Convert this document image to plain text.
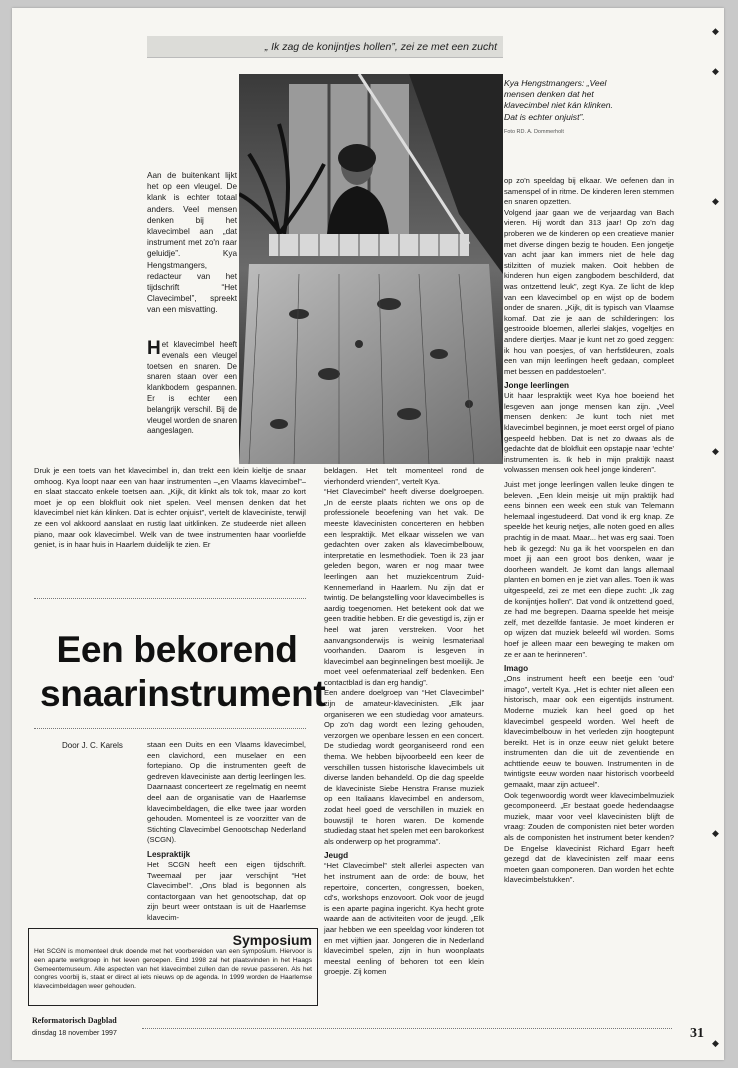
„ Ik zag de konijntjes hollen”, zei ze met een zucht
Kya Hengstmangers: „Veel mensen denken dat het klavecimbel niet kán klinken. Dat is echter onjuist”.
Foto RD. A. Dommerholt
Aan de buitenkant lijkt het op een vleugel. De klank is echter totaal anders. Veel mensen denken bij het klavecimbel aan „dat instrument met zo'n raar geluidje”. Kya Hengstmangers, redacteur van het tijdschrift “Het Clavecimbel”, spreekt van een misvatting.

Het klavecimbel heeft evenals een vleugel toetsen en snaren. De snaren staan over een klankbodem gespannen. Er is echter een belangrijk verschil. Bij de vleugel worden de snaren aangeslagen.

Druk je een toets van het klavecimbel in, dan trekt een klein kieltje de snaar omhoog. Kya loopt naar een van haar instrumenten –„en Vlaams klavecimbel”– en slaat staccato enkele toetsen aan. „Kijk, dit klinkt als tok tok, maar zo kort moet je op een blokfluit ook niet spelen. Veel mensen denken dat het klavecimbel niet kán klinken. Dat is echter onjuist”, vertelt de klaveciniste, terwijl ze een vol akkoord aanslaat en rustig laat uitklinken. Ze studeerde niet alleen piano, maar ook klavecimbel. Welk van de twee instrumenten haar voorliefde geniet, is in haar huis in Haarlem duidelijk te zien. Er

Een bekorend snaarinstrument
Door J. C. Karels	staan een Duits en een Vlaams klavecimbel, een clavichord, een muselaer en een fortepiano. Op die instrumenten geeft de gedreven klaveciniste aan dertig leerlingen les. Daarnaast concerteert ze regelmatig en neemt deel aan de organisatie van de Haarlemse klavecimbeldagen, die elke twee jaar worden gehouden. Momenteel is ze voorzitter van de Stichting Clavecimbel Genootschap Nederland (SCGN).

Lespraktijk

Het SCGN heeft een eigen tijdschrift. Tweemaal per jaar verschijnt “Het Clavecimbel”. „Ons blad is begonnen als contactorgaan van het genootschap, dat op zijn beurt weer ontstaan is uit de Haarlemse klavecim-

beldagen. Het telt momenteel rond de vierhonderd vrienden”, vertelt Kya.

“Het Clavecimbel” heeft diverse doelgroepen. „In de eerste plaats richten we ons op de professionele beoefening van het vak. De meeste klavecinisten concerteren en hebben een lespraktijk. Met elkaar wisselen we van gedachten over zaken als klavecimbelbouw, interpretatie en lesmethodiek. Toen ik 23 jaar geleden begon, waren er nog maar twee leerlingen aan het muziekcentrum Zuid-Kennemerland in Haarlem. Nu zijn dat er twintig. De belangstelling voor klavecimbelles is aardig toegenomen. Het betekent ook dat we geen traditie hebben. Er die gevestigd is, zijn er heel wat jaren verstreken. Voor het aanvangsonderwijs is weinig lesmateriaal voorhanden. Daarom is lesgeven in klavecimbel aan beginnelingen best moeilijk. Je moet veel oefenmateriaal zelf bedenken. Een contactblad is dan erg handig”.

Een andere doelgroep van “Het Clavecimbel” zijn de amateur-klavecinisten. „Elk jaar organiseren we een studiedag voor amateurs. Op zo'n dag wordt een lezing gehouden, verzorgen we openbare lessen en een concert. De studiedag wordt georganiseerd rond een thema. We hebben bijvoorbeeld een keer de verschillen tussen historische klavecimbels uit diverse landen behandeld. Op die dag speelde de klaveciniste Siebe Henstra Franse muziek op een Italiaans klavecimbel en andersom, zodat heel goed de verschillen in muziek en bouwstijl te horen waren. De komende studiedag staat het spelen met een barokorkest als onderwerp op het programma”.

Jeugd

“Het Clavecimbel” stelt allerlei aspecten van het instrument aan de orde: de bouw, het repertoire, concerten, congressen, boeken, cd's, workshops enzovoort. Ook voor de jeugd is een aparte pagina ingericht. Kya hecht grote waarde aan de activiteiten voor de jeugd. „Elk jaar hebben we een speeldag voor kinderen tot en met vijftien jaar. Jongeren die in Nederland klavecimbel spelen, zijn in hun woonplaats meestal eenling of behoren tot een klein groepje. Zij komen

op zo'n speeldag bij elkaar. We oefenen dan in samenspel of in ritme. De kinderen leren stemmen en snaren opzetten.

Volgend jaar gaan we de verjaardag van Bach vieren. Hij wordt dan 313 jaar! Op zo'n dag proberen we de kinderen op een creatieve manier met diverse dingen bezig te houden. Een jongetje van acht jaar kan immers niet de hele dag stilzitten of muziek maken. Ooit hebben de kinderen hun eigen zangbodem beschilderd, dat was ontzettend leuk”, zegt Kya. Ze licht de klep van een klavecimbel op en wijst op de bodem onder de snaren. „Kijk, dit is typisch van Vlaamse komaf. Dat zie je aan de schilderingen: los gestrooide bloemen, allerlei slakjes, vogeltjes en andere diertjes. Maar je kunt net zo goed zeggen: ik hou van poesjes, of van herfstkleuren, zoals een van mijn leerlingen heeft gedaan, compleet met bessen en paddestoelen”.

Jonge leerlingen

Uit haar lespraktijk weet Kya hoe boeiend het lesgeven aan jonge mensen kan zijn. „Veel mensen denken: Je kunt toch niet met klavecimbel beginnen, je moet eerst orgel of piano gespeeld hebben. Dat is net zo dwaas als de gedachte dat de blokfluit een opstapje naar 'echte' instrumenten is. Ik heb in mijn praktijk naast volwassen mensen ook heel jonge kinderen”.

Juist met jonge leerlingen vallen leuke dingen te beleven. „Een klein meisje uit mijn praktijk had eens binnen een week een stuk van Telemann helemaal ingestudeerd. Dat vond ik erg knap. Ze speelde het keurig netjes, alle noten goed en alles prachtig in de maat. Maar... het was erg saai. Toen heb ik gezegd: Nu ga ik het voorspelen en dan moet jij aan een groot bos denken, waar je doorheen wandelt. Je komt dan langs allemaal planten en bomen en je ziet van alles. Toen ik was uitgespeeld, zei ze met een diepe zucht: „Ik zag de konijntjes hollen”. Dat vond ik ontzettend goed, ze had me begrepen. Daarna speelde het meisje zelf, met dezelfde fantasie. Je moet kinderen er op wijzen dat muziek beleefd wil worden. Soms hoef je alleen maar een beweging te maken om ze er aan te herinneren”.

Imago

„Ons instrument heeft een beetje een 'oud' imago”, vertelt Kya. „Het is echter niet alleen een historisch, maar ook een eigentijds instrument. Moderne muziek kan heel goed op het klavecimbel gespeeld worden. Wel heeft de klavecimbelbouw in het verleden zijn hoogtepunt bereikt. Het is in onze eeuw niet gelukt betere instrumenten dan die uit de zeventiende en achttiende eeuw te bouwen. Instrumenten in de twintigste eeuw worden naar historisch voorbeeld gemaakt, maar zijn actueel”.

Ook tegenwoordig wordt weer klavecimbelmuziek gecomponeerd. „Er bestaat goede hedendaagse muziek, maar voor veel klavecinisten blijft de vraag: Zouden de componisten niet beter worden als de componisten het instrument beter kenden? De Engelse klavecinist Richard Egarr heeft gezegd dat de klavecinisten zelf maar eens moeten gaan componeren. Dan worden het echte klavecimbelstukken”.

Symposium

Het SCGN is momenteel druk doende met het voorbereiden van een symposium. Hiervoor is een aparte werkgroep in het leven geroepen. Eind 1998 zal het plaatsvinden in het Haags Gemeentemuseum. Alle aspecten van het klavecimbel zullen dan de revue passeren. Als het congres voorbij is, staat er direct al iets nieuws op de agenda. In 1999 worden de Haarlemse klavecimbeldagen weer gehouden.

Reformatorisch Dagblad
dinsdag 18 november 1997	31
◆
◆
◆
◆
◆
◆
